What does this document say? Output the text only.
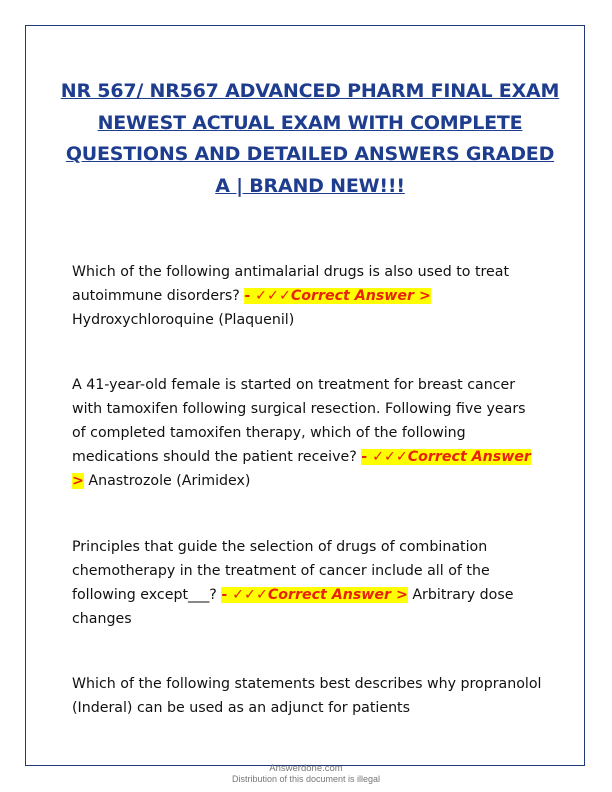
NR 567/ NR567 ADVANCED PHARM FINAL EXAM NEWEST ACTUAL EXAM WITH COMPLETE QUESTIONS AND DETAILED ANSWERS GRADED A | BRAND NEW!!!
Which of the following antimalarial drugs is also used to treat autoimmune disorders? - ✓✓✓Correct Answer > Hydroxychloroquine (Plaquenil)
A 41-year-old female is started on treatment for breast cancer with tamoxifen following surgical resection. Following five years of completed tamoxifen therapy, which of the following medications should the patient receive? - ✓✓✓Correct Answer > Anastrozole (Arimidex)
Principles that guide the selection of drugs of combination chemotherapy in the treatment of cancer include all of the following except___? - ✓✓✓Correct Answer > Arbitrary dose changes
Which of the following statements best describes why propranolol (Inderal) can be used as an adjunct for patients
Answerdone.com
Distribution of this document is illegal
